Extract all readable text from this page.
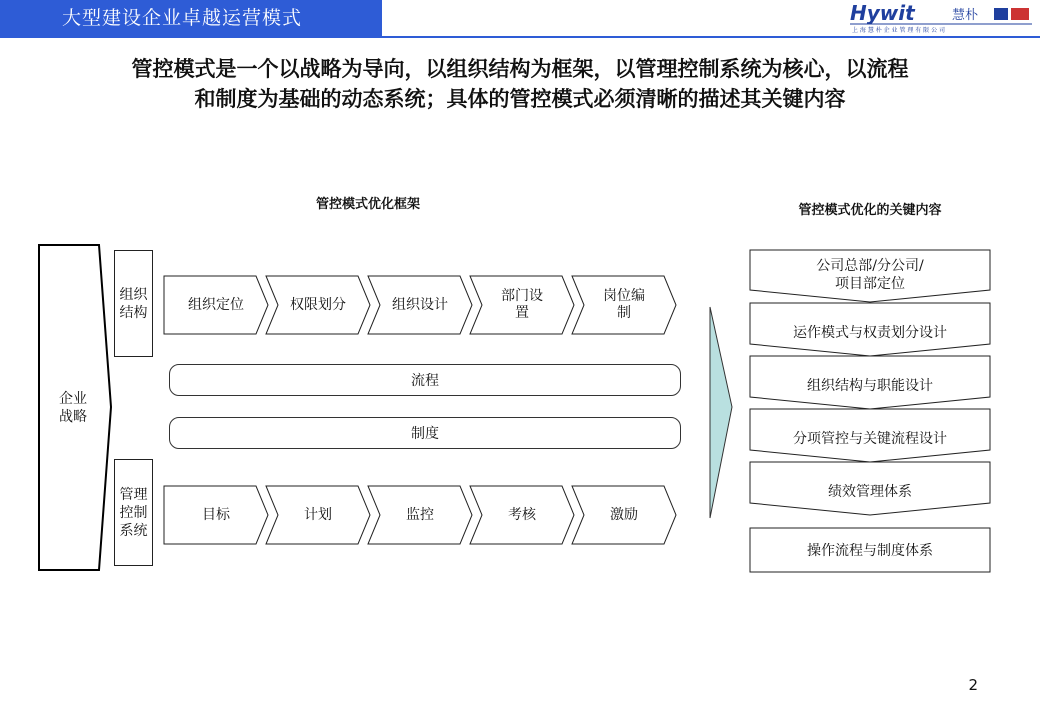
大型建设企业卓越运营模式	Hywit	慧朴
上 海 慧 朴 企 业 管 理 有 限 公 司
管控模式是一个以战略为导向，以组织结构为框架，以管理控制系统为核心，以流程
和制度为基础的动态系统；具体的管控模式必须清晰的描述其关键内容
管控模式优化框架	管控模式优化的关键内容
企业
战略
组织
结构
管理
控制
系统
组织定位	权限划分	组织设计
部门设
置
岗位编
制
流程
制度
目标	计划	监控	考核	激励
公司总部/分公司/
项目部定位
运作模式与权责划分设计
组织结构与职能设计
分项管控与关键流程设计
绩效管理体系
操作流程与制度体系
2
